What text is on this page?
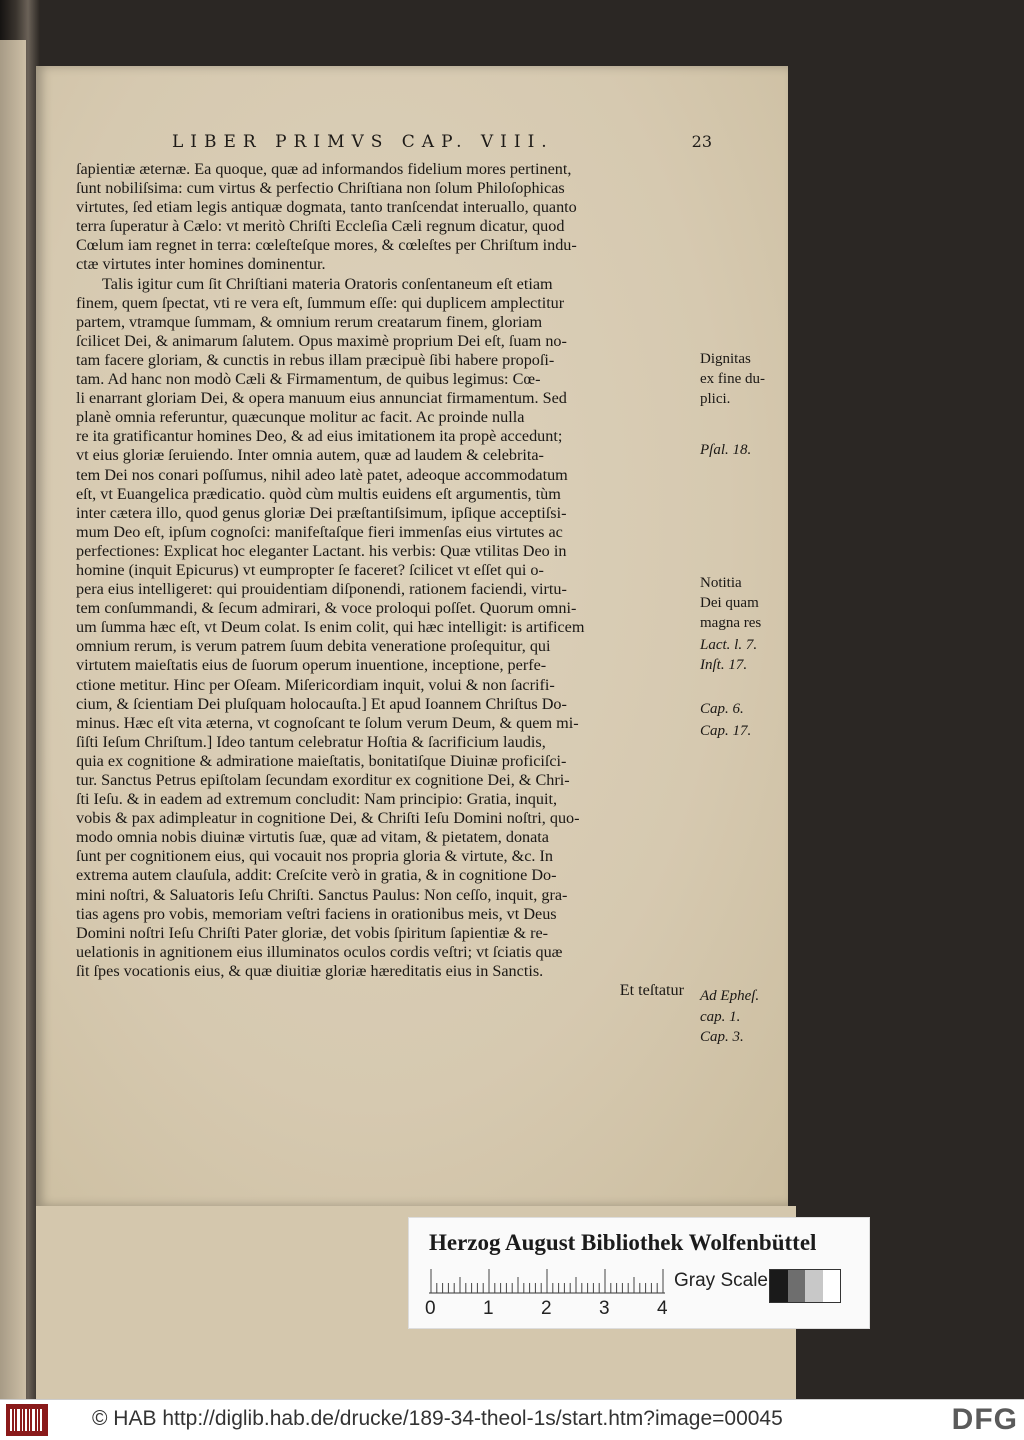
LIBER PRIMVS CAP. VIII.	23
ſapientiæ æternæ. Ea quoque, quæ ad informandos fidelium mores pertinent,
ſunt nobiliſsima: cum virtus & perfectio Chriſtiana non ſolum Philoſophicas
virtutes, ſed etiam legis antiquæ dogmata, tanto tranſcendat interuallo, quanto
terra ſuperatur à Cælo: vt meritò Chriſti Eccleſia Cæli regnum dicatur, quod
Cœlum iam regnet in terra: cœleſteſque mores, & cœleſtes per Chriſtum indu-
ctæ virtutes inter homines dominentur.
Talis igitur cum ſit Chriſtiani materia Oratoris conſentaneum eſt etiam
finem, quem ſpectat, vti re vera eſt, ſummum eſſe: qui duplicem amplectitur
partem, vtramque ſummam, & omnium rerum creatarum finem, gloriam
ſcilicet Dei, & animarum ſalutem. Opus maximè proprium Dei eſt, ſuam no-
tam facere gloriam, & cunctis in rebus illam præcipuè ſibi habere propoſi-
tam. Ad hanc non modò Cæli & Firmamentum, de quibus legimus: Cœ-
li enarrant gloriam Dei, & opera manuum eius annunciat firmamentum. Sed
planè omnia referuntur, quæcunque molitur ac facit. Ac proinde nulla
re ita gratificantur homines Deo, & ad eius imitationem ita propè accedunt;
vt eius gloriæ ſeruiendo. Inter omnia autem, quæ ad laudem & celebrita-
tem Dei nos conari poſſumus, nihil adeo latè patet, adeoque accommodatum
eſt, vt Euangelica prædicatio. quòd cùm multis euidens eſt argumentis, tùm
inter cætera illo, quod genus gloriæ Dei præſtantiſsimum, ipſique acceptiſsi-
mum Deo eſt, ipſum cognoſci: manifeſtaſque fieri immenſas eius virtutes ac
perfectiones: Explicat hoc eleganter Lactant. his verbis: Quæ vtilitas Deo in
homine (inquit Epicurus) vt eumpropter ſe faceret? ſcilicet vt eſſet qui o-
pera eius intelligeret: qui prouidentiam diſponendi, rationem faciendi, virtu-
tem conſummandi, & ſecum admirari, & voce proloqui poſſet. Quorum omni-
um ſumma hæc eſt, vt Deum colat. Is enim colit, qui hæc intelligit: is artificem
omnium rerum, is verum patrem ſuum debita veneratione proſequitur, qui
virtutem maieſtatis eius de ſuorum operum inuentione, inceptione, perfe-
ctione metitur. Hinc per Oſeam. Miſericordiam inquit, volui & non ſacrifi-
cium, & ſcientiam Dei pluſquam holocauſta.] Et apud Ioannem Chriſtus Do-
minus. Hæc eſt vita æterna, vt cognoſcant te ſolum verum Deum, & quem mi-
ſiſti Ieſum Chriſtum.] Ideo tantum celebratur Hoſtia & ſacrificium laudis,
quia ex cognitione & admiratione maieſtatis, bonitatiſque Diuinæ proficiſci-
tur. Sanctus Petrus epiſtolam ſecundam exorditur ex cognitione Dei, & Chri-
ſti Ieſu. & in eadem ad extremum concludit: Nam principio: Gratia, inquit,
vobis & pax adimpleatur in cognitione Dei, & Chriſti Ieſu Domini noſtri, quo-
modo omnia nobis diuinæ virtutis ſuæ, quæ ad vitam, & pietatem, donata
ſunt per cognitionem eius, qui vocauit nos propria gloria & virtute, &c. In
extrema autem clauſula, addit: Creſcite verò in gratia, & in cognitione Do-
mini noſtri, & Saluatoris Ieſu Chriſti. Sanctus Paulus: Non ceſſo, inquit, gra-
tias agens pro vobis, memoriam veſtri faciens in orationibus meis, vt Deus
Domini noſtri Ieſu Chriſti Pater gloriæ, det vobis ſpiritum ſapientiæ & re-
uelationis in agnitionem eius illuminatos oculos cordis veſtri; vt ſciatis quæ
ſit ſpes vocationis eius, & quæ diuitiæ gloriæ hæreditatis eius in Sanctis.
Et teſtatur
Dignitas
ex fine du-
plici.
Pſal. 18.
Notitia
Dei quam
magna res
Lact. l. 7.
Inſt. 17.
Cap. 6.
Cap. 17.
Ad Epheſ.
cap. 1.
Cap. 3.
Herzog August Bibliothek Wolfenbüttel
0 1 2 3 4
Gray Scale
© HAB http://diglib.hab.de/drucke/189-34-theol-1s/start.htm?image=00045	DFG
